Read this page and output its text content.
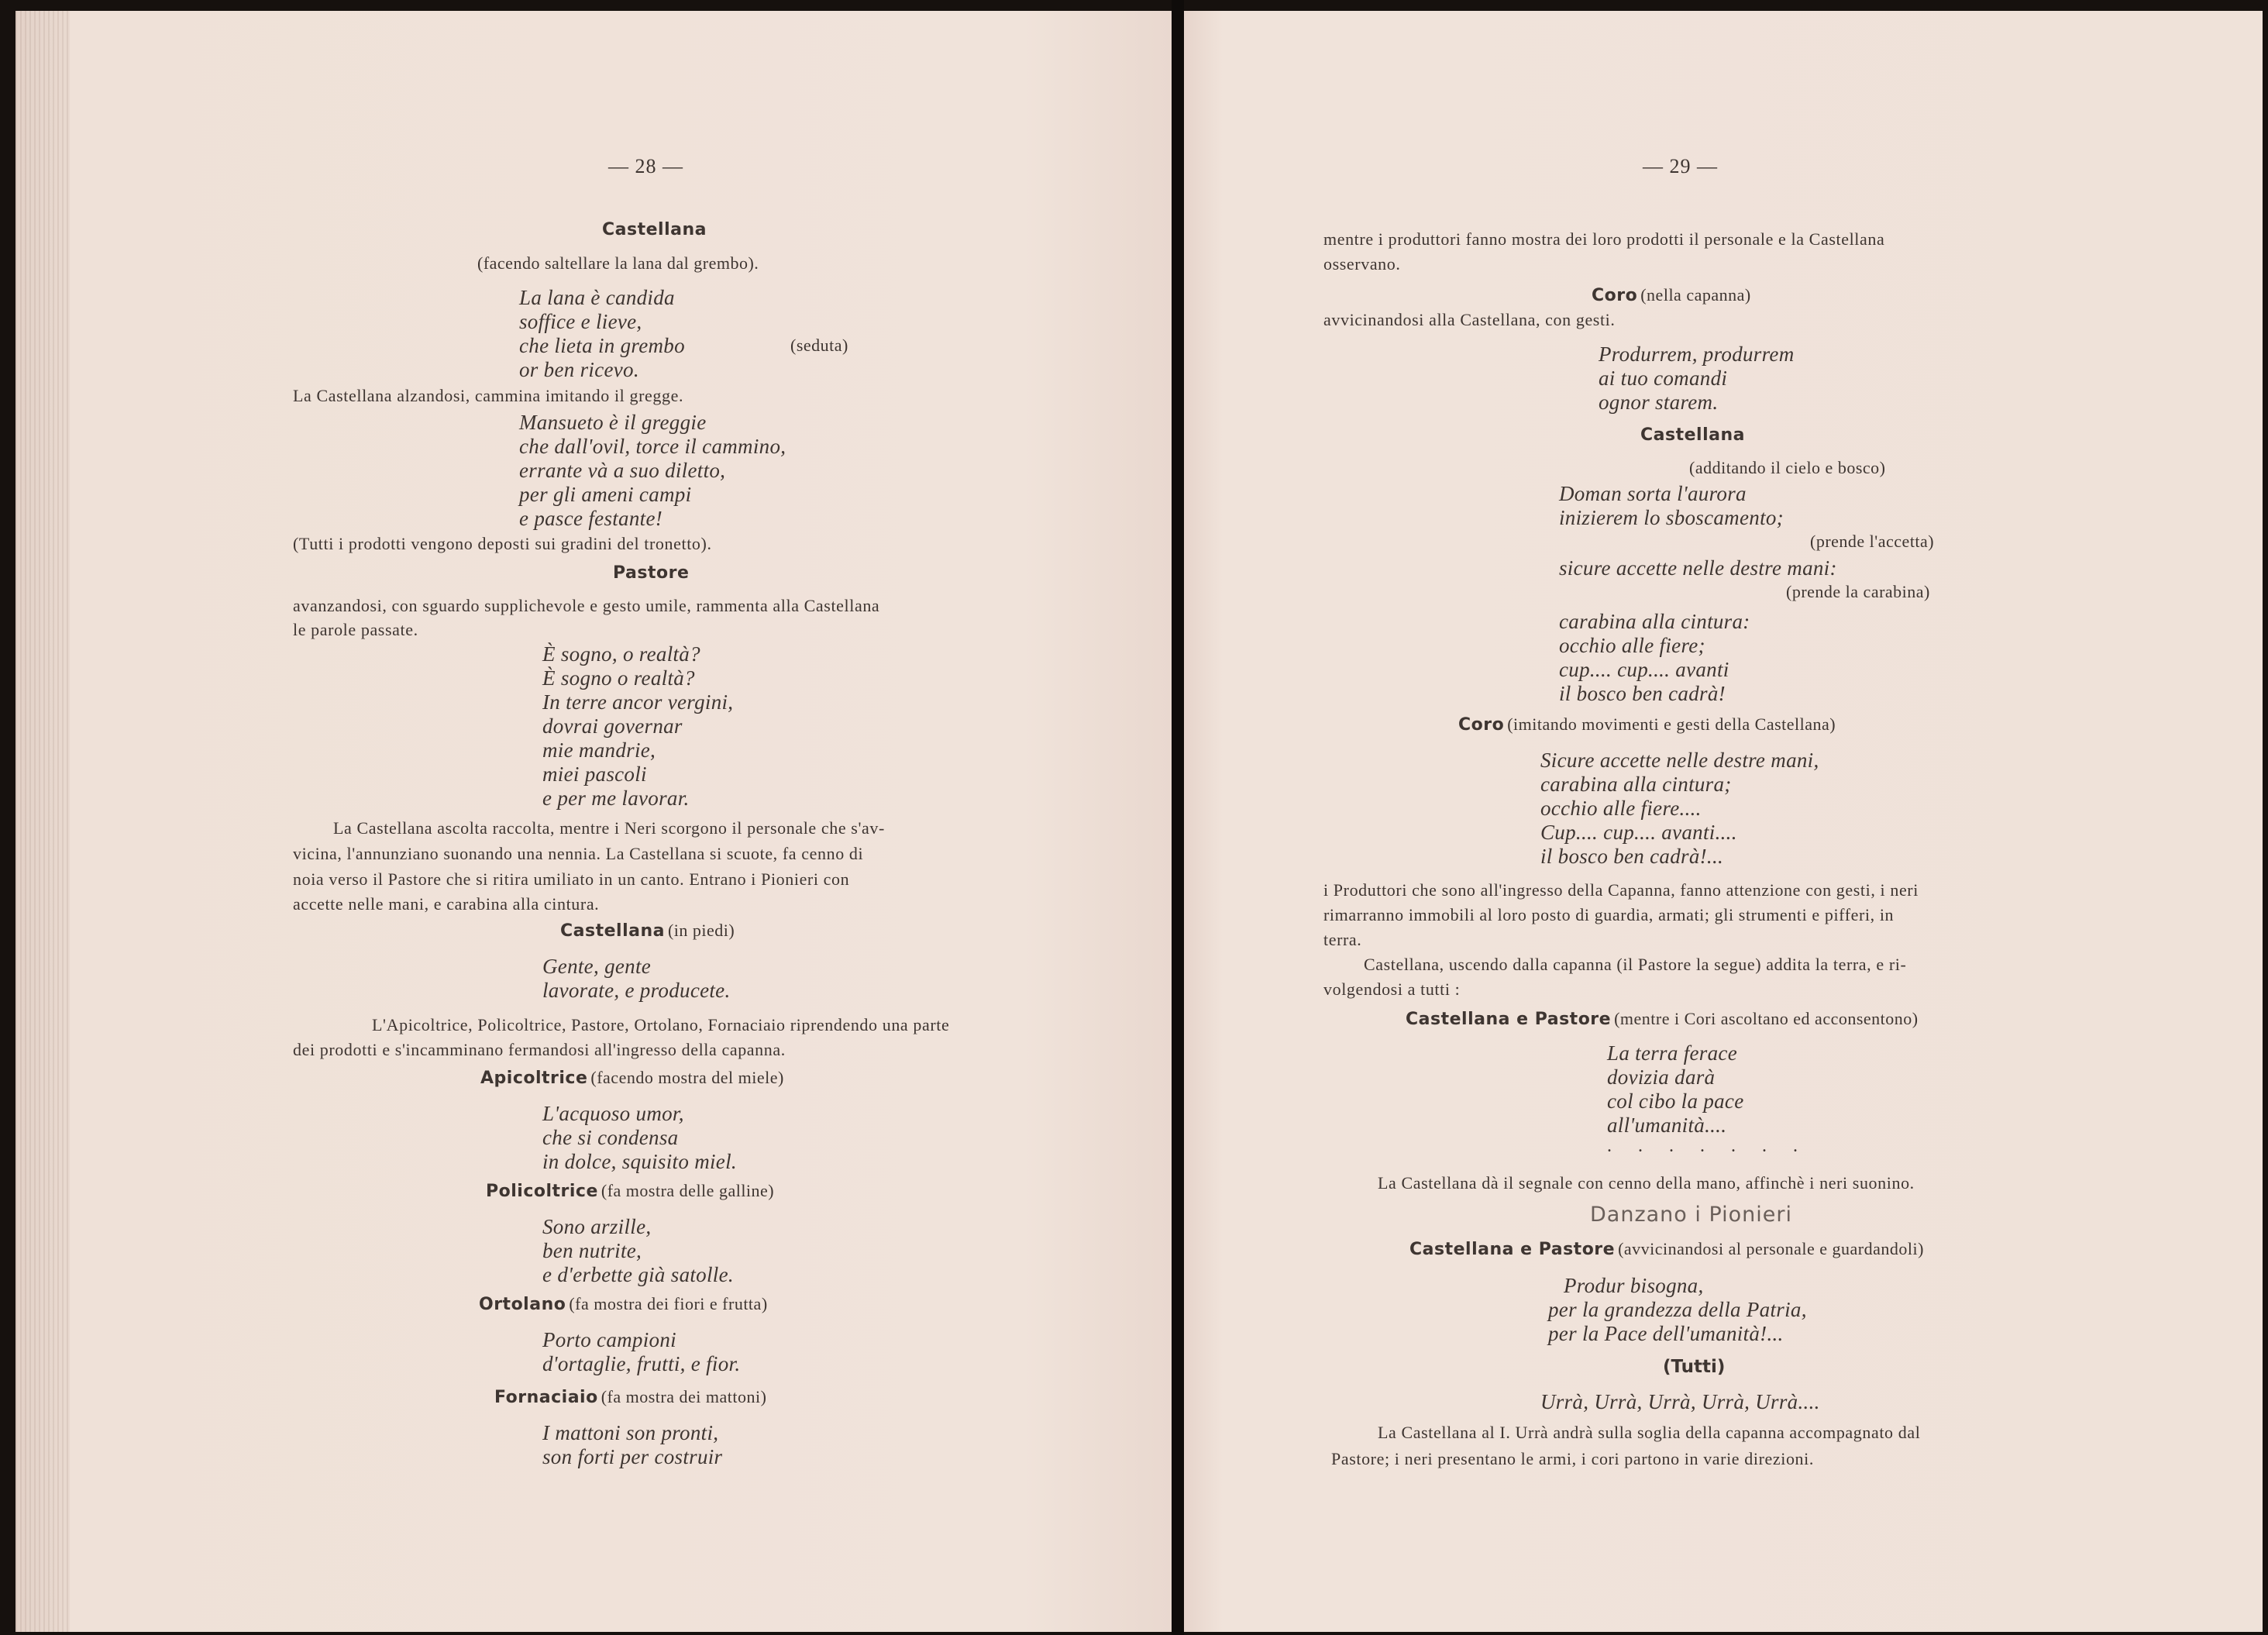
— 28 —
Castellana
(facendo saltellare la lana dal grembo).
La lana è candida
soffice e lieve,
che lieta in grembo	(seduta)
or ben ricevo.
La Castellana alzandosi, cammina imitando il gregge.
Mansueto è il greggie
che dall'ovil, torce il cammino,
errante và a suo diletto,
per gli ameni campi
e pasce festante!
(Tutti i prodotti vengono deposti sui gradini del tronetto).
Pastore
avanzandosi, con sguardo supplichevole e gesto umile, rammenta alla Castellana
le parole passate.
È sogno, o realtà?
È sogno o realtà?
In terre ancor vergini,
dovrai governar
mie mandrie,
miei pascoli
e per me lavorar.
La Castellana ascolta raccolta, mentre i Neri scorgono il personale che s'av-
vicina, l'annunziano suonando una nennia. La Castellana si scuote, fa cenno di
noia verso il Pastore che si ritira umiliato in un canto. Entrano i Pionieri con
accette nelle mani, e carabina alla cintura.
Castellana (in piedi)
Gente, gente
lavorate, e producete.
L'Apicoltrice, Policoltrice, Pastore, Ortolano, Fornaciaio riprendendo una parte
dei prodotti e s'incamminano fermandosi all'ingresso della capanna.
Apicoltrice (facendo mostra del miele)
L'acquoso umor,
che si condensa
in dolce, squisito miel.
Policoltrice (fa mostra delle galline)
Sono arzille,
ben nutrite,
e d'erbette già satolle.
Ortolano (fa mostra dei fiori e frutta)
Porto campioni
d'ortaglie, frutti, e fior.
Fornaciaio (fa mostra dei mattoni)
I mattoni son pronti,
son forti per costruir
— 29 —
mentre i produttori fanno mostra dei loro prodotti il personale e la Castellana
osservano.
Coro (nella capanna)
avvicinandosi alla Castellana, con gesti.
Produrrem, produrrem
ai tuo comandi
ognor starem.
Castellana
(additando il cielo e bosco)
Doman sorta l'aurora
inizierem lo sboscamento;
(prende l'accetta)
sicure accette nelle destre mani:
(prende la carabina)
carabina alla cintura:
occhio alle fiere;
cup.... cup.... avanti
il bosco ben cadrà!
Coro (imitando movimenti e gesti della Castellana)
Sicure accette nelle destre mani,
carabina alla cintura;
occhio alle fiere....
Cup.... cup.... avanti....
il bosco ben cadrà!...
i Produttori che sono all'ingresso della Capanna, fanno attenzione con gesti, i neri
rimarranno immobili al loro posto di guardia, armati; gli strumenti e pifferi, in
terra.
Castellana, uscendo dalla capanna (il Pastore la segue) addita la terra, e ri-
volgendosi a tutti :
Castellana e Pastore (mentre i Cori ascoltano ed acconsentono)
La terra ferace
dovizia darà
col cibo la pace
all'umanità....
. . . . . . .
La Castellana dà il segnale con cenno della mano, affinchè i neri suonino.
Danzano i Pionieri
Castellana e Pastore (avvicinandosi al personale e guardandoli)
Produr bisogna,
per la grandezza della Patria,
per la Pace dell'umanità!...
(Tutti)
Urrà, Urrà, Urrà, Urrà, Urrà....
La Castellana al I. Urrà andrà sulla soglia della capanna accompagnato dal
Pastore; i neri presentano le armi, i cori partono in varie direzioni.
